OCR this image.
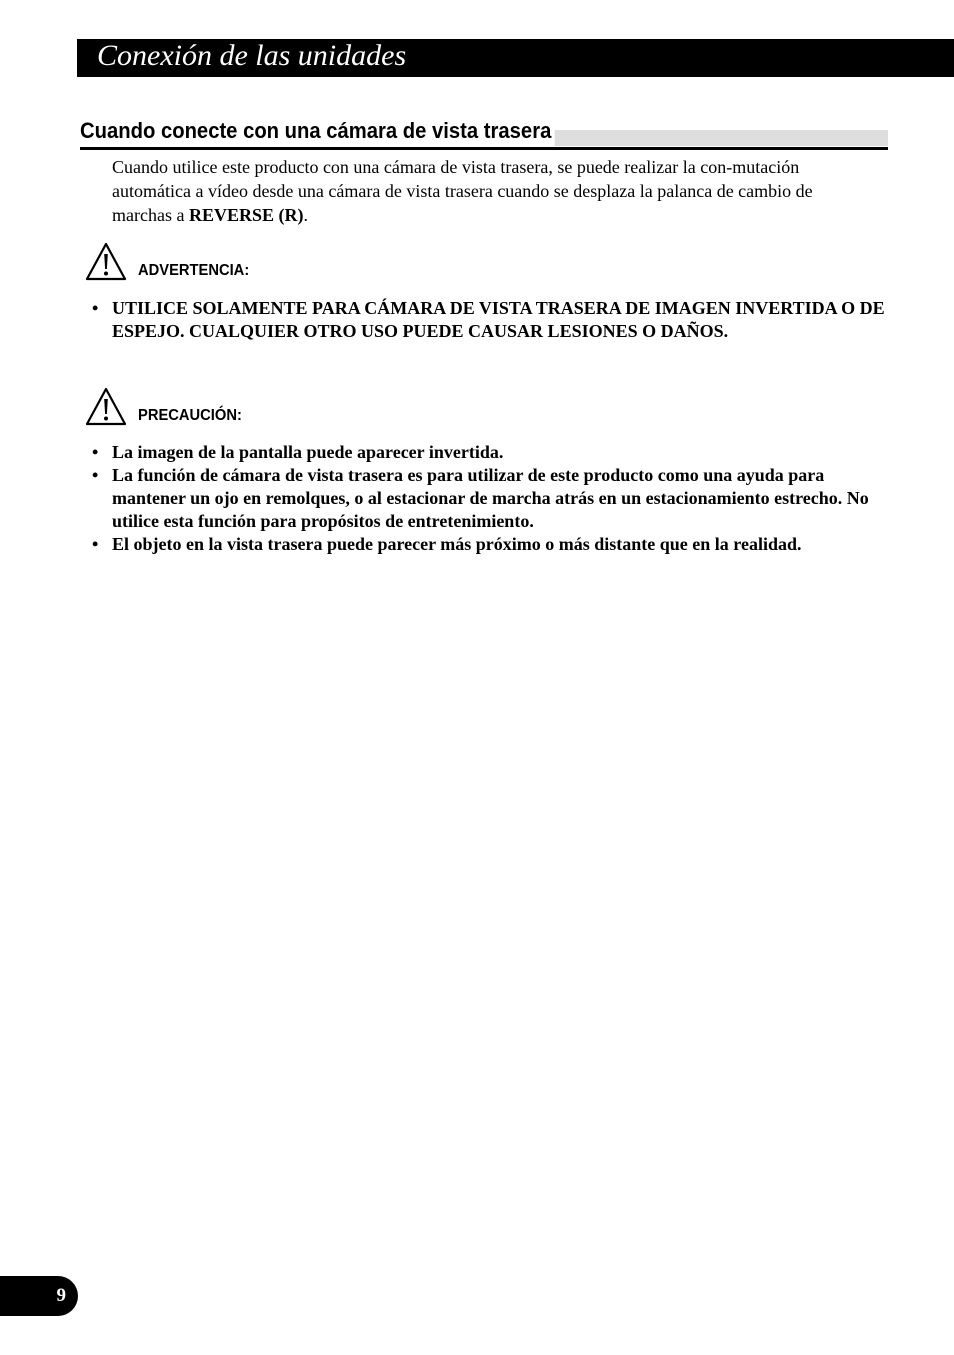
Conexión de las unidades
Cuando conecte con una cámara de vista trasera

Cuando utilice este producto con una cámara de vista trasera, se puede realizar la con-mutación automática a vídeo desde una cámara de vista trasera cuando se desplaza la palanca de cambio de marchas a REVERSE (R).

ADVERTENCIA:
• UTILICE SOLAMENTE PARA CÁMARA DE VISTA TRASERA DE IMAGEN INVERTIDA O DE ESPEJO. CUALQUIER OTRO USO PUEDE CAUSAR LESIONES O DAÑOS.
PRECAUCIÓN:
• La imagen de la pantalla puede aparecer invertida.
• La función de cámara de vista trasera es para utilizar de este producto como una ayuda para mantener un ojo en remolques, o al estacionar de marcha atrás en un estacionamiento estrecho. No utilice esta función para propósitos de entretenimiento.
• El objeto en la vista trasera puede parecer más próximo o más distante que en la realidad.
9
